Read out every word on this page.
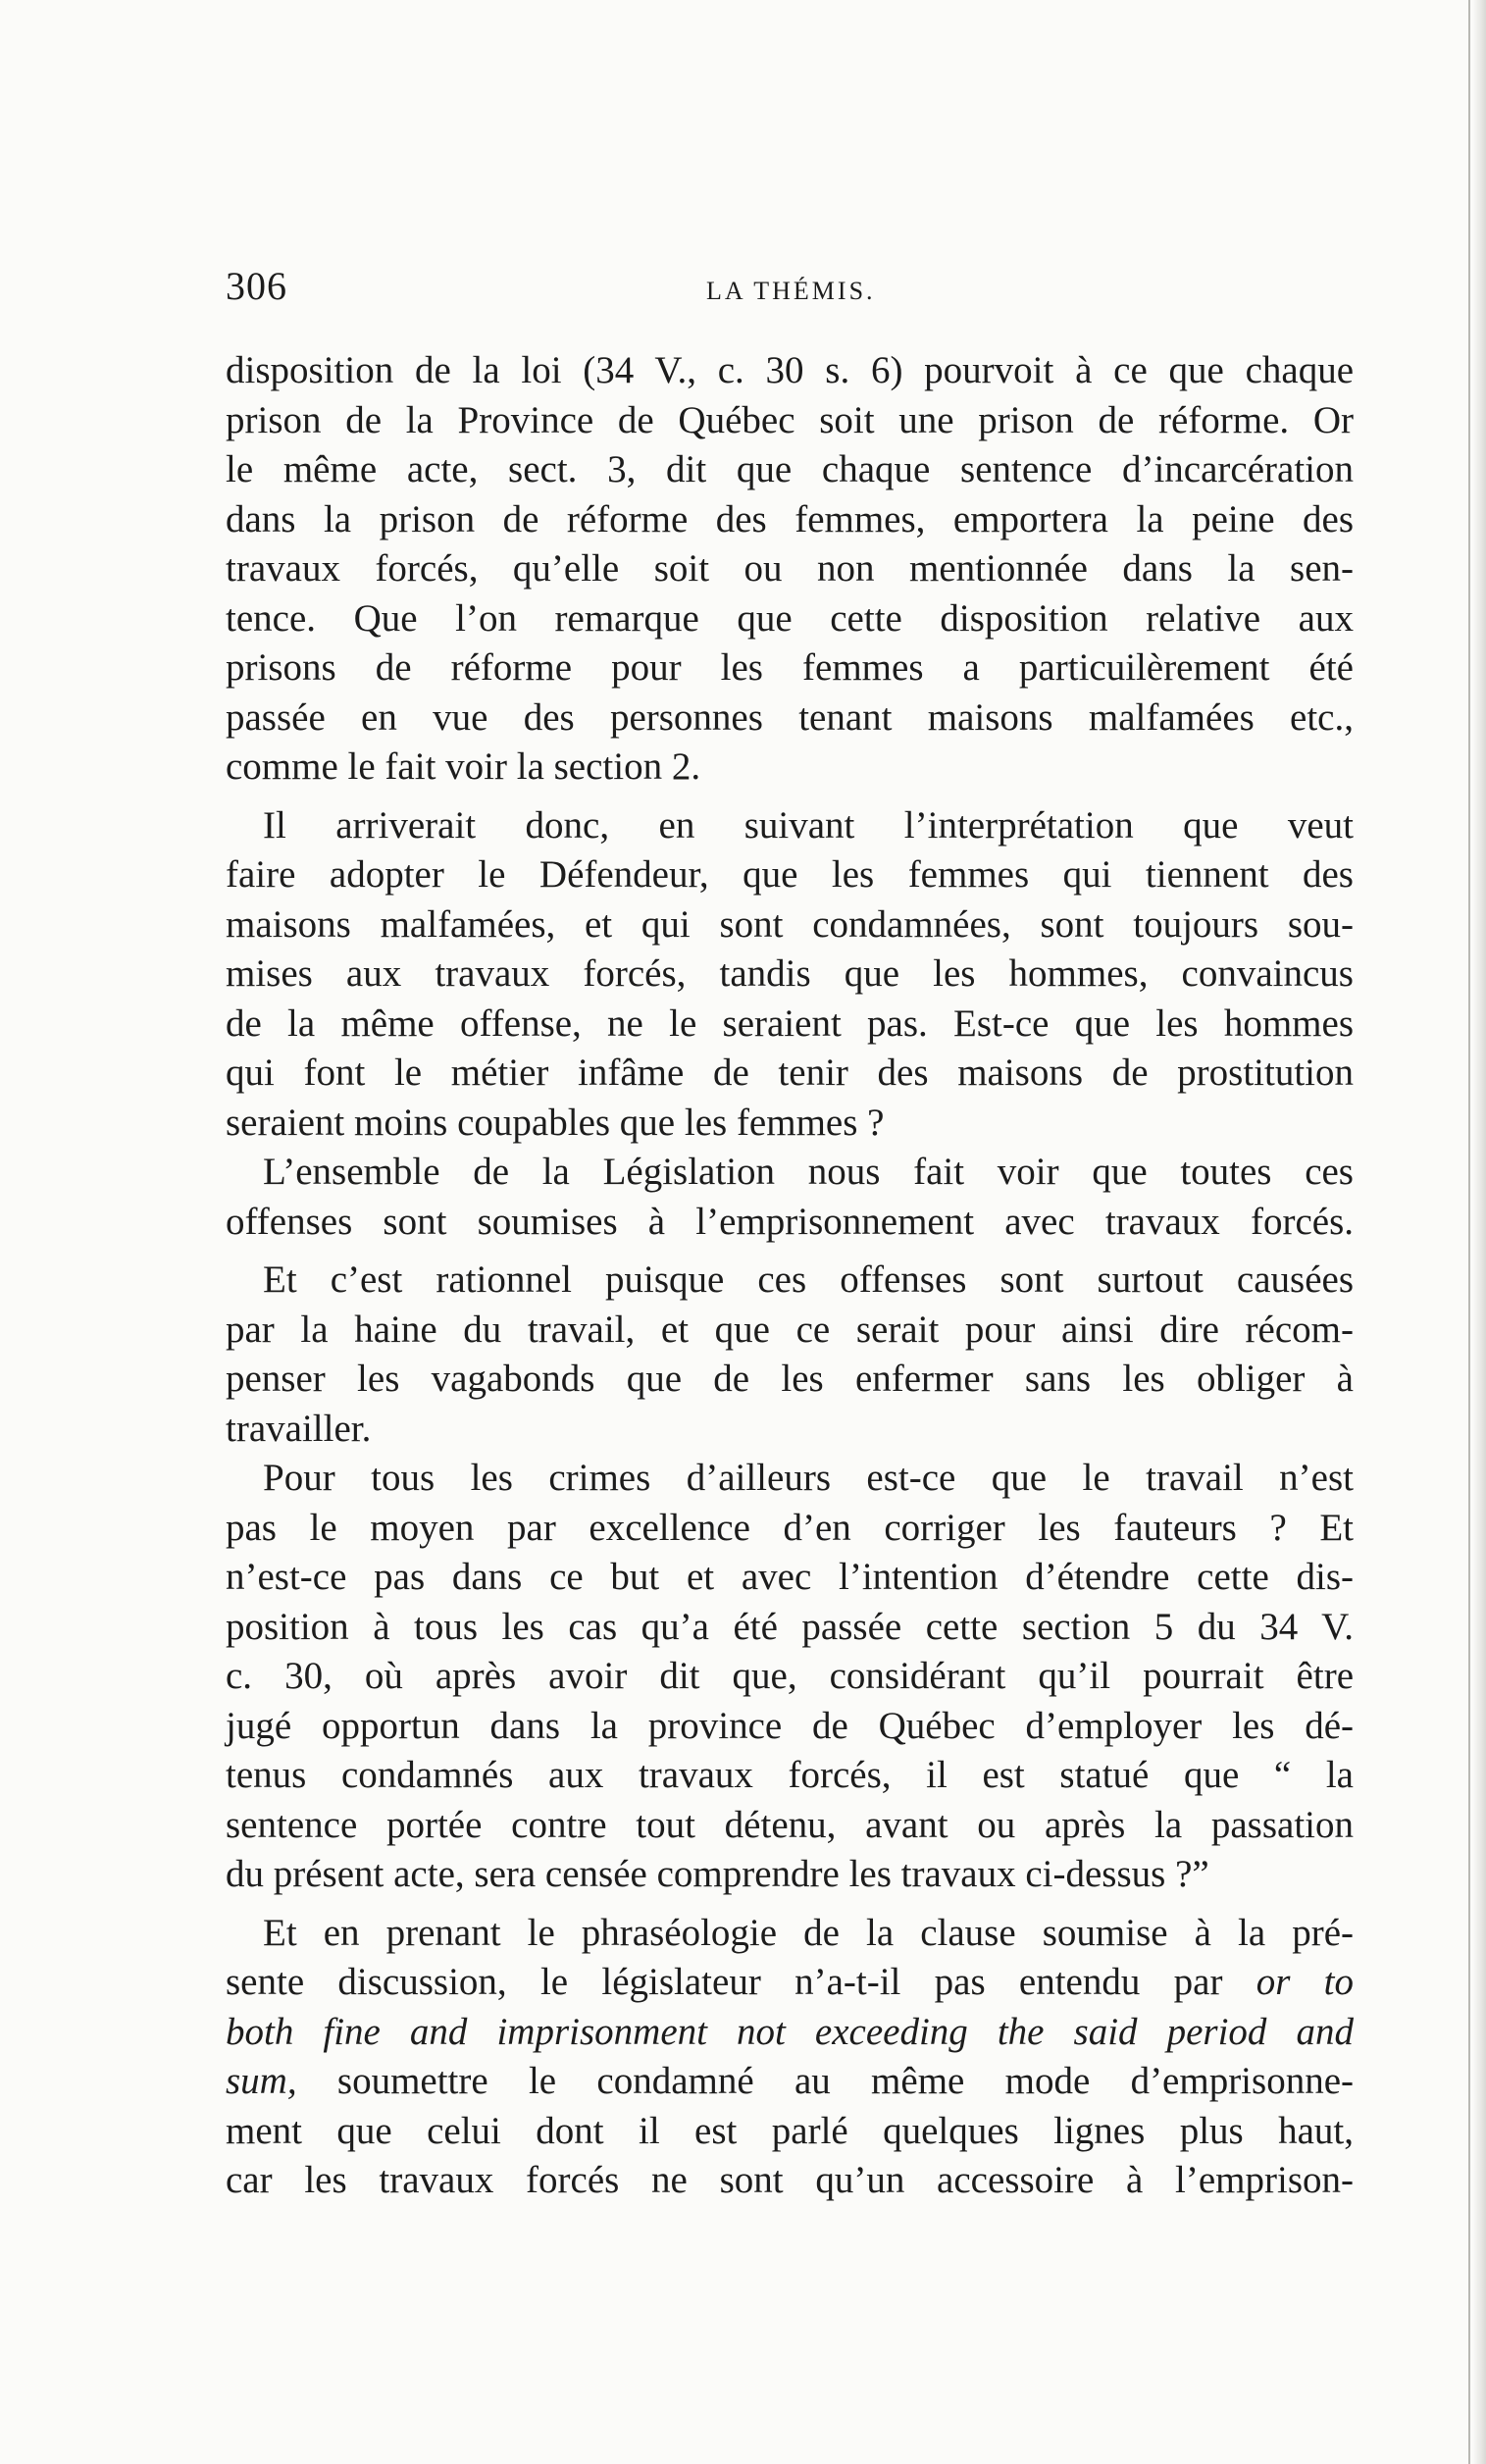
306	LA THÉMIS.
disposition de la loi (34 V., c. 30 s. 6) pourvoit à ce que chaque
prison de la Province de Québec soit une prison de réforme. Or
le même acte, sect. 3, dit que chaque sentence d’incarcération
dans la prison de réforme des femmes, emportera la peine des
travaux forcés, qu’elle soit ou non mentionnée dans la sen-
tence. Que l’on remarque que cette disposition relative aux
prisons de réforme pour les femmes a particuilèrement été
passée en vue des personnes tenant maisons malfamées etc.,
comme le fait voir la section 2.
Il arriverait donc, en suivant l’interprétation que veut
faire adopter le Défendeur, que les femmes qui tiennent des
maisons malfamées, et qui sont condamnées, sont toujours sou-
mises aux travaux forcés, tandis que les hommes, convaincus
de la même offense, ne le seraient pas. Est-ce que les hommes
qui font le métier infâme de tenir des maisons de prostitution
seraient moins coupables que les femmes ?
L’ensemble de la Législation nous fait voir que toutes ces
offenses sont soumises à l’emprisonnement avec travaux forcés.
Et c’est rationnel puisque ces offenses sont surtout causées
par la haine du travail, et que ce serait pour ainsi dire récom-
penser les vagabonds que de les enfermer sans les obliger à
travailler.
Pour tous les crimes d’ailleurs est-ce que le travail n’est
pas le moyen par excellence d’en corriger les fauteurs ? Et
n’est-ce pas dans ce but et avec l’intention d’étendre cette dis-
position à tous les cas qu’a été passée cette section 5 du 34 V.
c. 30, où après avoir dit que, considérant qu’il pourrait être
jugé opportun dans la province de Québec d’employer les dé-
tenus condamnés aux travaux forcés, il est statué que “ la
sentence portée contre tout détenu, avant ou après la passation
du présent acte, sera censée comprendre les travaux ci-dessus ?”
Et en prenant le phraséologie de la clause soumise à la pré-
sente discussion, le législateur n’a-t-il pas entendu par or to
both fine and imprisonment not exceeding the said period and
sum, soumettre le condamné au même mode d’emprisonne-
ment que celui dont il est parlé quelques lignes plus haut,
car les travaux forcés ne sont qu’un accessoire à l’emprison-
